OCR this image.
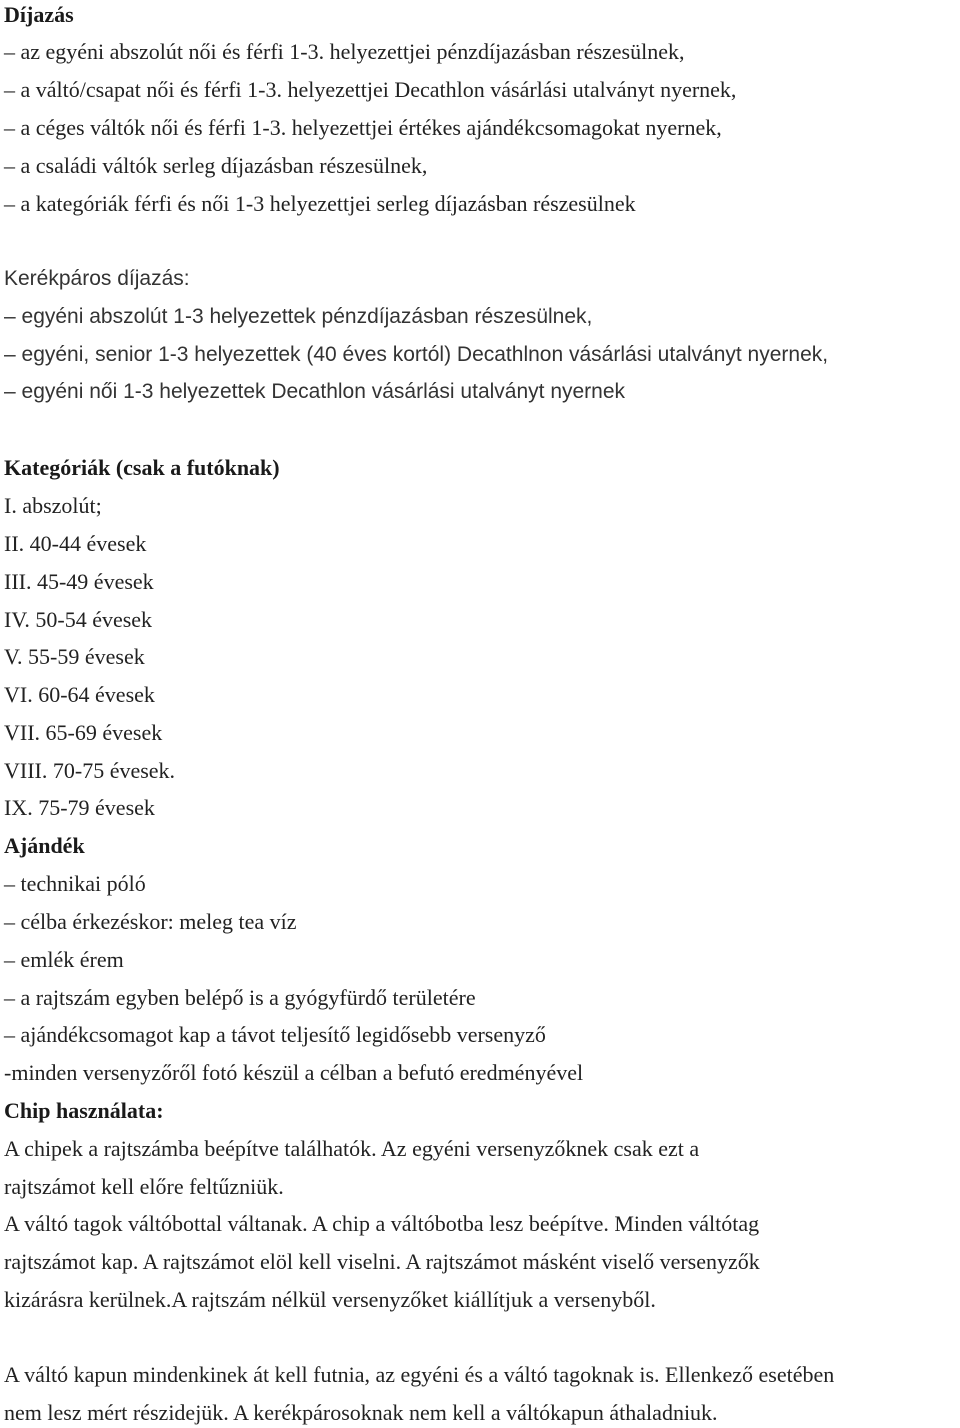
Díjazás
– az egyéni abszolút női és férfi 1-3. helyezettjei pénzdíjazásban részesülnek,
– a váltó/csapat női és férfi 1-3. helyezettjei Decathlon vásárlási utalványt nyernek,
– a céges váltók női és férfi 1-3. helyezettjei értékes ajándékcsomagokat nyernek,
– a családi váltók serleg díjazásban részesülnek,
– a kategóriák férfi és női 1-3 helyezettjei serleg díjazásban részesülnek
Kerékpáros díjazás:
– egyéni abszolút 1-3 helyezettek pénzdíjazásban részesülnek,
– egyéni, senior 1-3 helyezettek (40 éves kortól) Decathlnon vásárlási utalványt nyernek,
– egyéni női 1-3 helyezettek Decathlon vásárlási utalványt nyernek
Kategóriák (csak a futóknak)
I. abszolút;
II. 40-44 évesek
III. 45-49 évesek
IV. 50-54 évesek
V. 55-59 évesek
VI. 60-64 évesek
VII. 65-69 évesek
VIII. 70-75 évesek.
IX. 75-79 évesek
Ajándék
– technikai póló
– célba érkezéskor: meleg tea víz
– emlék érem
– a rajtszám egyben belépő is a gyógyfürdő területére
– ajándékcsomagot kap a távot teljesítő legidősebb versenyző
-minden versenyzőről fotó készül a célban a befutó eredményével
Chip használata:
A chipek a rajtszámba beépítve találhatók. Az egyéni versenyzőknek csak ezt a
rajtszámot kell előre feltűzniük.
A váltó tagok váltóbottal váltanak. A chip a váltóbotba lesz beépítve. Minden váltótag
rajtszámot kap. A rajtszámot elöl kell viselni. A rajtszámot másként viselő versenyzők
kizárásra kerülnek.A rajtszám nélkül versenyzőket kiállítjuk a versenyből.
A váltó kapun mindenkinek át kell futnia, az egyéni és a váltó tagoknak is. Ellenkező esetében
nem lesz mért részidejük. A kerékpárosoknak nem kell a váltókapun áthaladniuk.
